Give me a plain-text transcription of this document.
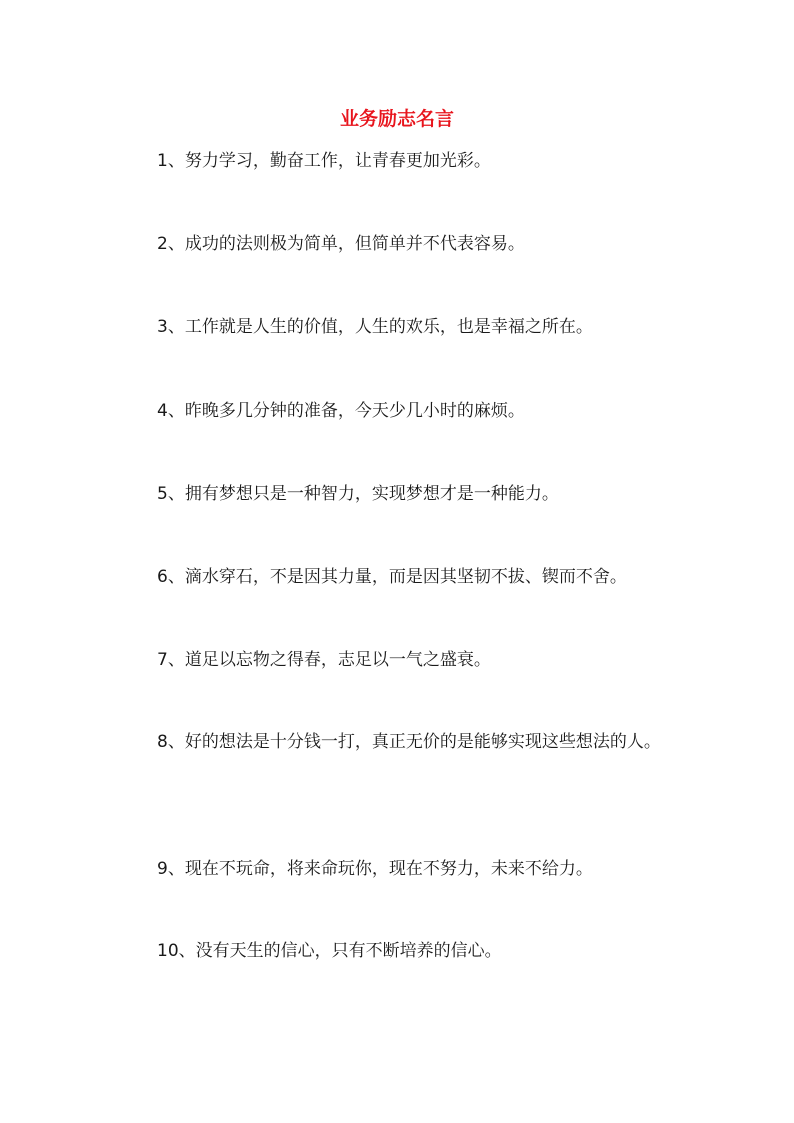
业务励志名言
1、努力学习，勤奋工作，让青春更加光彩。
2、成功的法则极为简单，但简单并不代表容易。
3、工作就是人生的价值，人生的欢乐，也是幸福之所在。
4、昨晚多几分钟的准备，今天少几小时的麻烦。
5、拥有梦想只是一种智力，实现梦想才是一种能力。
6、滴水穿石，不是因其力量，而是因其坚韧不拔、锲而不舍。
7、道足以忘物之得春，志足以一气之盛衰。
8、好的想法是十分钱一打，真正无价的是能够实现这些想法的人。
9、现在不玩命，将来命玩你，现在不努力，未来不给力。
10、没有天生的信心，只有不断培养的信心。
